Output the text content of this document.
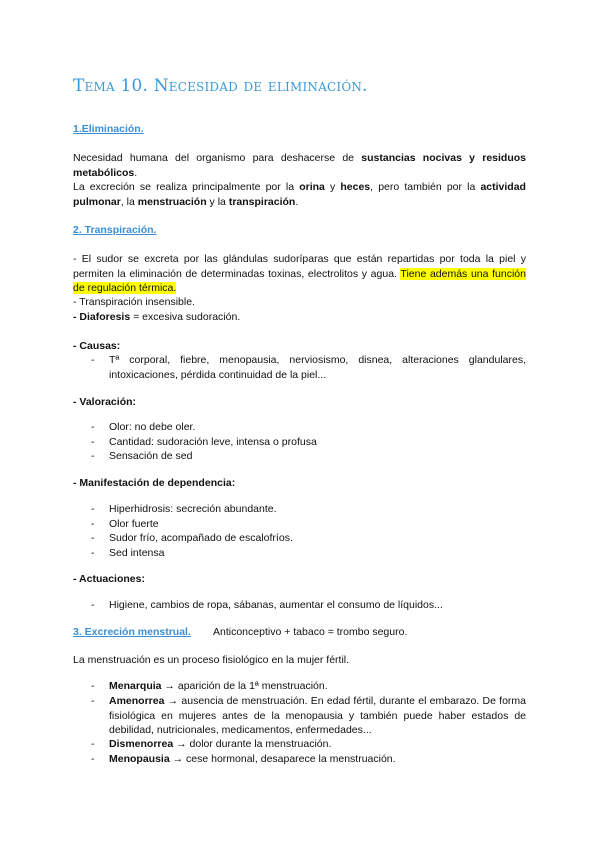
Tema 10. Necesidad de eliminación.
1.Eliminación.
Necesidad humana del organismo para deshacerse de sustancias nocivas y residuos metabólicos.
La excreción se realiza principalmente por la orina y heces, pero también por la actividad pulmonar, la menstruación y la transpiración.
2. Transpiración.
- El sudor se excreta por las glándulas sudoríparas que están repartidas por toda la piel y permiten la eliminación de determinadas toxinas, electrolitos y agua. Tiene además una función de regulación térmica.
- Transpiración insensible.
- Diaforesis = excesiva sudoración.
- Causas:
- Tª corporal, fiebre, menopausia, nerviosismo, disnea, alteraciones glandulares, intoxicaciones, pérdida continuidad de la piel...
- Valoración:
- Olor: no debe oler.
- Cantidad: sudoración leve, intensa o profusa
- Sensación de sed
- Manifestación de dependencia:
- Hiperhidrosis: secreción abundante.
- Olor fuerte
- Sudor frío, acompañado de escalofríos.
- Sed intensa
- Actuaciones:
- Higiene, cambios de ropa, sábanas, aumentar el consumo de líquidos...
3. Excreción menstrual. Anticonceptivo + tabaco = trombo seguro.
La menstruación es un proceso fisiológico en la mujer fértil.
- Menarquia → aparición de la 1ª menstruación.
- Amenorrea → ausencia de menstruación. En edad fértil, durante el embarazo. De forma fisiológica en mujeres antes de la menopausia y también puede haber estados de debilidad, nutricionales, medicamentos, enfermedades...
- Dismenorrea → dolor durante la menstruación.
- Menopausia → cese hormonal, desaparece la menstruación.
